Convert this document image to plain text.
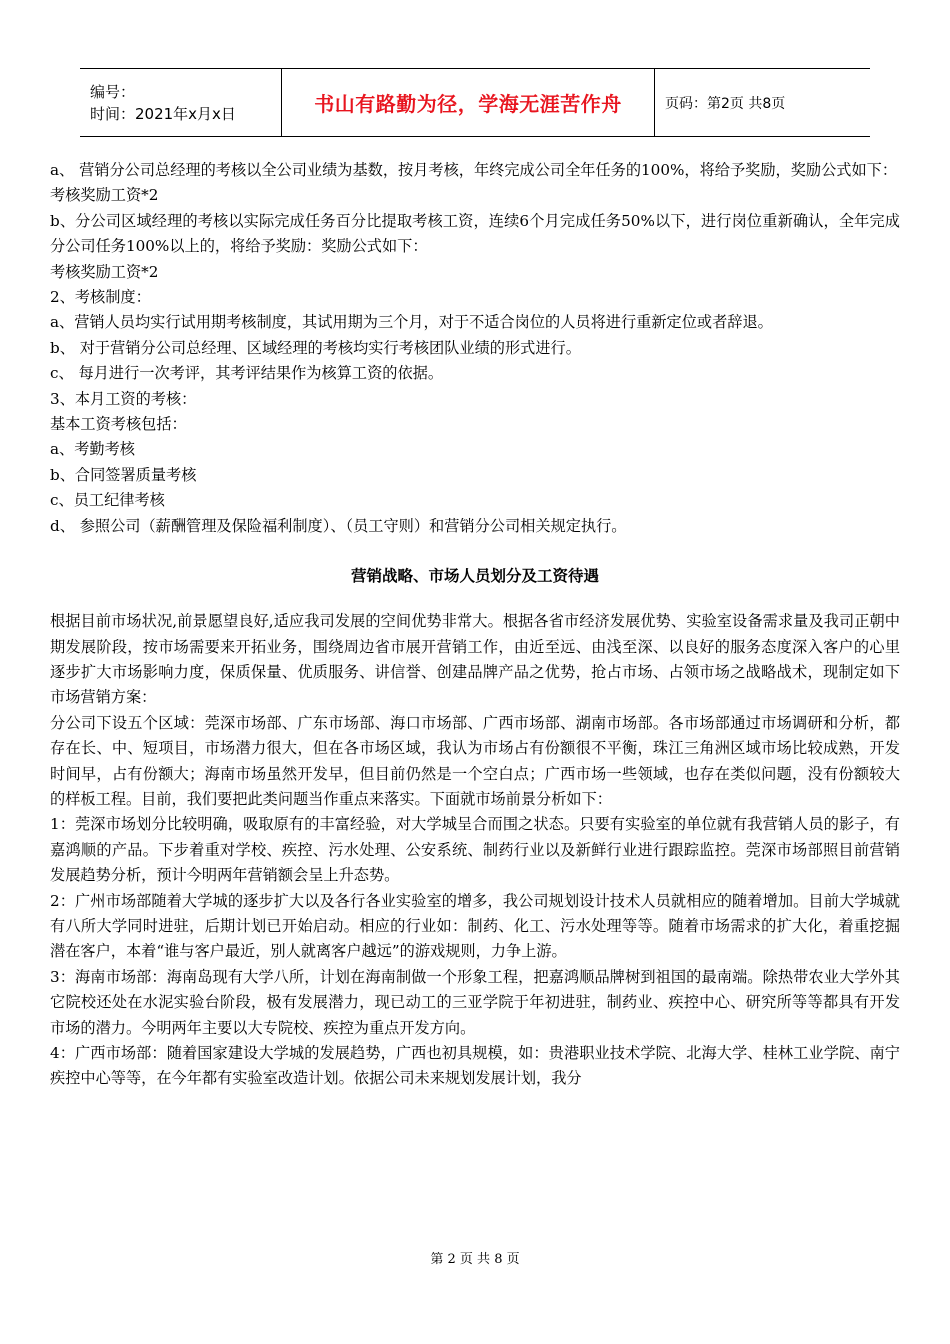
编号：
时间：2021年x月x日	书山有路勤为径，学海无涯苦作舟	页码：第2页 共8页

a、 营销分公司总经理的考核以全公司业绩为基数，按月考核，年终完成公司全年任务的100%，将给予奖励，奖励公式如下：

考核奖励工资*2

b、分公司区域经理的考核以实际完成任务百分比提取考核工资，连续6个月完成任务50%以下，进行岗位重新确认，全年完成分公司任务100%以上的，将给予奖励：奖励公式如下：

考核奖励工资*2

2、考核制度：

a、营销人员均实行试用期考核制度，其试用期为三个月，对于不适合岗位的人员将进行重新定位或者辞退。

b、 对于营销分公司总经理、区域经理的考核均实行考核团队业绩的形式进行。

c、 每月进行一次考评，其考评结果作为核算工资的依据。

3、本月工资的考核：

基本工资考核包括：

a、考勤考核

b、合同签署质量考核

c、员工纪律考核

d、 参照公司（薪酬管理及保险福利制度）、（员工守则）和营销分公司相关规定执行。

营销战略、市场人员划分及工资待遇

根据目前市场状况,前景愿望良好,适应我司发展的空间优势非常大。根据各省市经济发展优势、实验室设备需求量及我司正朝中期发展阶段，按市场需要来开拓业务，围绕周边省市展开营销工作，由近至远、由浅至深、以良好的服务态度深入客户的心里逐步扩大市场影响力度，保质保量、优质服务、讲信誉、创建品牌产品之优势，抢占市场、占领市场之战略战术，现制定如下市场营销方案：

分公司下设五个区域：莞深市场部、广东市场部、海口市场部、广西市场部、湖南市场部。各市场部通过市场调研和分析，都存在长、中、短项目，市场潜力很大，但在各市场区域，我认为市场占有份额很不平衡，珠江三角洲区域市场比较成熟，开发时间早，占有份额大；海南市场虽然开发早，但目前仍然是一个空白点；广西市场一些领域，也存在类似问题，没有份额较大的样板工程。目前，我们要把此类问题当作重点来落实。下面就市场前景分析如下：

1：莞深市场划分比较明确，吸取原有的丰富经验，对大学城呈合而围之状态。只要有实验室的单位就有我营销人员的影子，有嘉鸿顺的产品。下步着重对学校、疾控、污水处理、公安系统、制药行业以及新鲜行业进行跟踪监控。莞深市场部照目前营销发展趋势分析，预计今明两年营销额会呈上升态势。

2：广州市场部随着大学城的逐步扩大以及各行各业实验室的增多，我公司规划设计技术人员就相应的随着增加。目前大学城就有八所大学同时进驻，后期计划已开始启动。相应的行业如：制药、化工、污水处理等等。随着市场需求的扩大化，着重挖掘潜在客户，本着“谁与客户最近，别人就离客户越远”的游戏规则，力争上游。

3：海南市场部：海南岛现有大学八所，计划在海南制做一个形象工程，把嘉鸿顺品牌树到祖国的最南端。除热带农业大学外其它院校还处在水泥实验台阶段，极有发展潜力，现已动工的三亚学院于年初进驻，制药业、疾控中心、研究所等等都具有开发市场的潜力。今明两年主要以大专院校、疾控为重点开发方向。

4：广西市场部：随着国家建设大学城的发展趋势，广西也初具规模，如：贵港职业技术学院、北海大学、桂林工业学院、南宁疾控中心等等，在今年都有实验室改造计划。依据公司未来规划发展计划，我分

第 2 页 共 8 页
